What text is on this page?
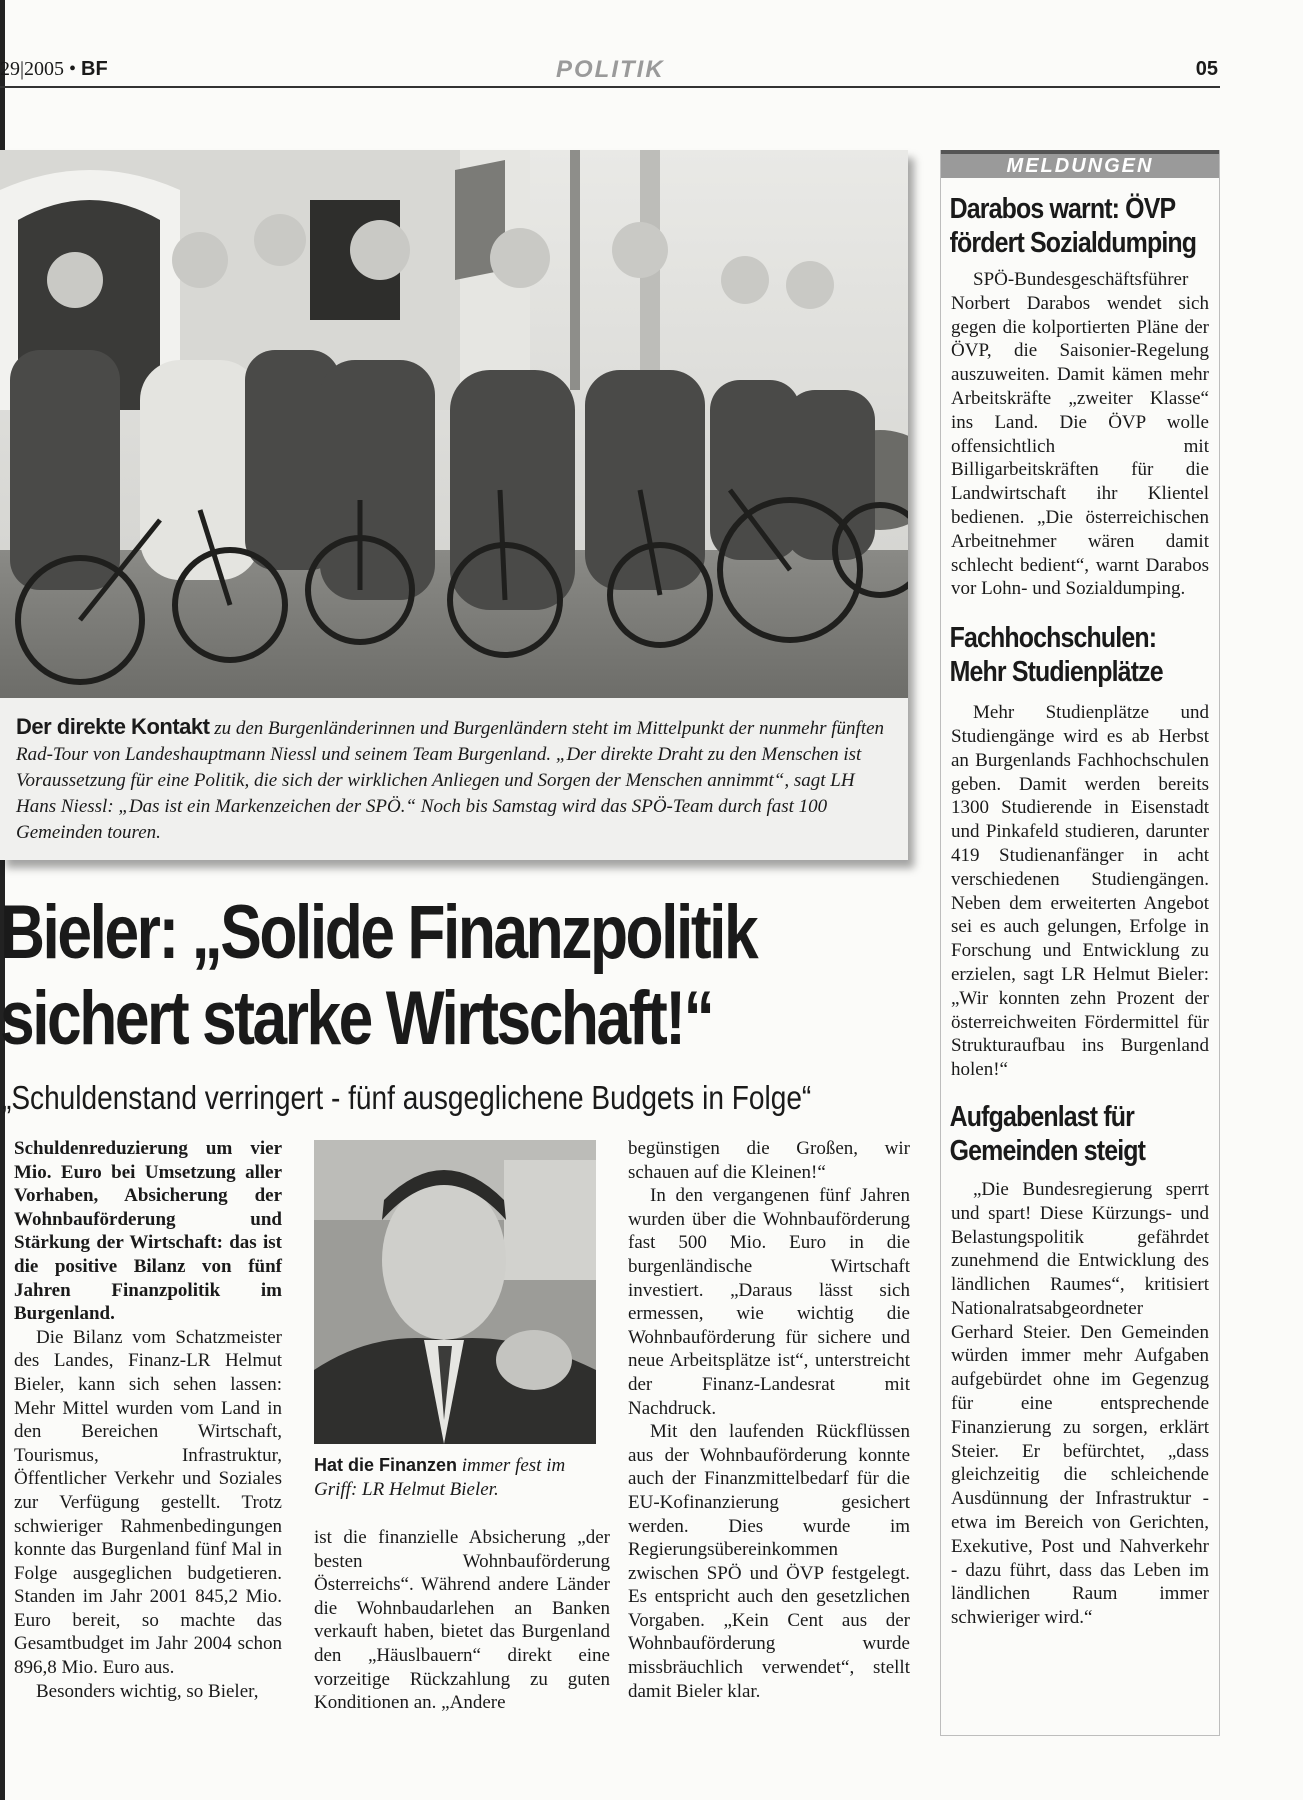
29|2005 • BF	POLITIK	05
Der direkte Kontakt zu den Burgenländerinnen und Burgenländern steht im Mittelpunkt der nunmehr fünften Rad-Tour von Landeshauptmann Niessl und seinem Team Burgenland. „Der direkte Draht zu den Menschen ist Voraussetzung für eine Politik, die sich der wirklichen Anliegen und Sorgen der Menschen annimmt“, sagt LH Hans Niessl: „Das ist ein Markenzeichen der SPÖ.“ Noch bis Samstag wird das SPÖ-Team durch fast 100 Gemeinden touren.
Bieler: „Solide Finanzpolitik
sichert starke Wirtschaft!“
„Schuldenstand verringert - fünf ausgeglichene Budgets in Folge“

Schuldenreduzierung um vier Mio. Euro bei Umsetzung aller Vorhaben, Absicherung der Wohnbauförderung und Stärkung der Wirtschaft: das ist die positive Bilanz von fünf Jahren Finanzpolitik im Burgenland.

Die Bilanz vom Schatzmeister des Landes, Finanz-LR Helmut Bieler, kann sich sehen lassen: Mehr Mittel wurden vom Land in den Bereichen Wirtschaft, Tourismus, Infrastruktur, Öffentlicher Verkehr und Soziales zur Verfügung gestellt. Trotz schwieriger Rahmenbedingungen konnte das Burgenland fünf Mal in Folge ausgeglichen budgetieren. Standen im Jahr 2001 845,2 Mio. Euro bereit, so machte das Gesamtbudget im Jahr 2004 schon 896,8 Mio. Euro aus.

Besonders wichtig, so Bieler,

Hat die Finanzen immer fest im Griff: LR Helmut Bieler.

ist die finanzielle Absicherung „der besten Wohnbauförderung Österreichs“. Während andere Länder die Wohnbaudarlehen an Banken verkauft haben, bietet das Burgenland den „Häuslbauern“ direkt eine vorzeitige Rückzahlung zu guten Konditionen an. „Andere

begünstigen die Großen, wir schauen auf die Kleinen!“

In den vergangenen fünf Jahren wurden über die Wohnbauförderung fast 500 Mio. Euro in die burgenländische Wirtschaft investiert. „Daraus lässt sich ermessen, wie wichtig die Wohnbauförderung für sichere und neue Arbeitsplätze ist“, unterstreicht der Finanz-Landesrat mit Nachdruck.

Mit den laufenden Rückflüssen aus der Wohnbauförderung konnte auch der Finanzmittelbedarf für die EU-Kofinanzierung gesichert werden. Dies wurde im Regierungsübereinkommen zwischen SPÖ und ÖVP festgelegt. Es entspricht auch den gesetzlichen Vorgaben. „Kein Cent aus der Wohnbauförderung wurde missbräuchlich verwendet“, stellt damit Bieler klar.

MELDUNGEN
Darabos warnt: ÖVP fördert Sozialdumping
SPÖ-Bundesgeschäftsführer Norbert Darabos wendet sich gegen die kolportierten Pläne der ÖVP, die Saisonier-Regelung auszuweiten. Damit kämen mehr Arbeitskräfte „zweiter Klasse“ ins Land. Die ÖVP wolle offensichtlich mit Billigarbeitskräften für die Landwirtschaft ihr Klientel bedienen. „Die österreichischen Arbeitnehmer wären damit schlecht bedient“, warnt Darabos vor Lohn- und Sozialdumping.
Fachhochschulen: Mehr Studienplätze
Mehr Studienplätze und Studiengänge wird es ab Herbst an Burgenlands Fachhochschulen geben. Damit werden bereits 1300 Studierende in Eisenstadt und Pinkafeld studieren, darunter 419 Studienanfänger in acht verschiedenen Studiengängen. Neben dem erweiterten Angebot sei es auch gelungen, Erfolge in Forschung und Entwicklung zu erzielen, sagt LR Helmut Bieler: „Wir konnten zehn Prozent der österreichweiten Fördermittel für Strukturaufbau ins Burgenland holen!“
Aufgabenlast für Gemeinden steigt
„Die Bundesregierung sperrt und spart! Diese Kürzungs- und Belastungspolitik gefährdet zunehmend die Entwicklung des ländlichen Raumes“, kritisiert Nationalratsabgeordneter Gerhard Steier. Den Gemeinden würden immer mehr Aufgaben aufgebürdet ohne im Gegenzug für eine entsprechende Finanzierung zu sorgen, erklärt Steier. Er befürchtet, „dass gleichzeitig die schleichende Ausdünnung der Infrastruktur - etwa im Bereich von Gerichten, Exekutive, Post und Nahverkehr - dazu führt, dass das Leben im ländlichen Raum immer schwieriger wird.“
